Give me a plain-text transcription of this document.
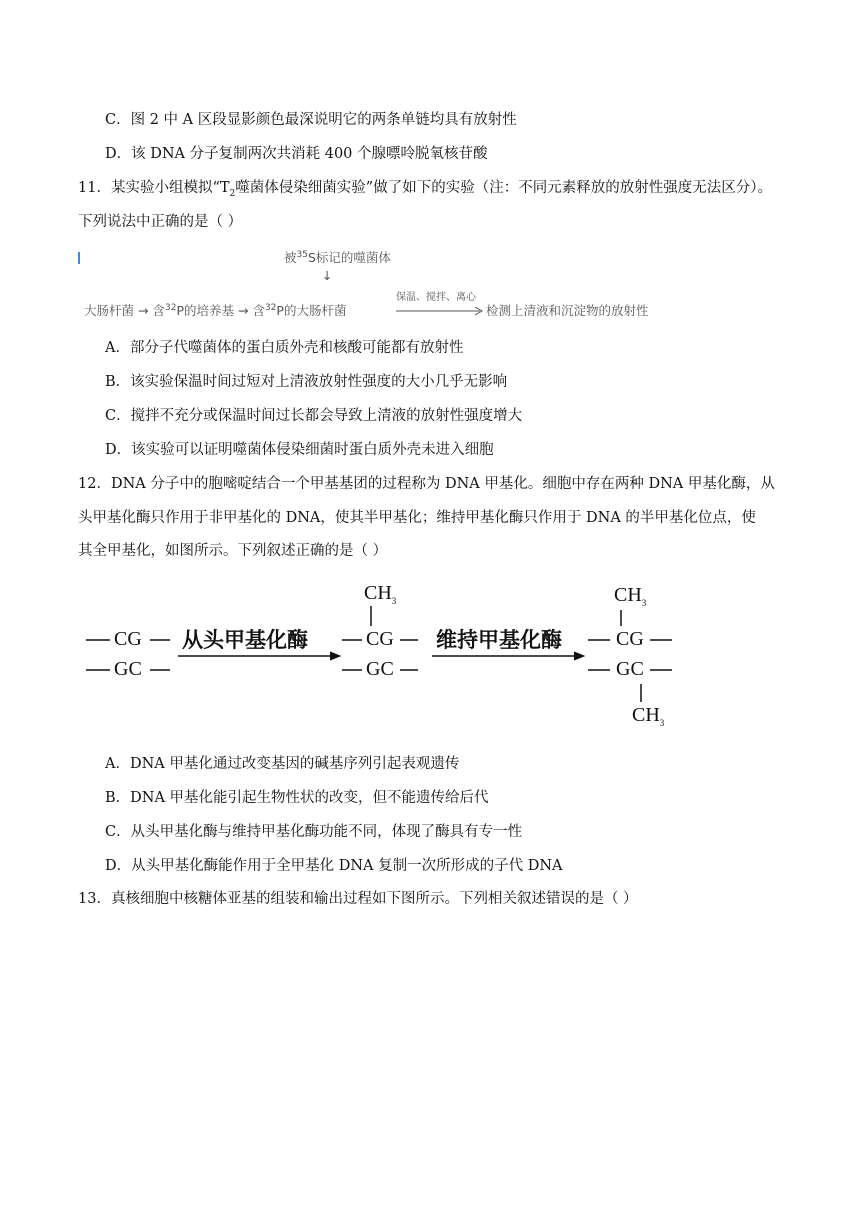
C．图 2 中 A 区段显影颜色最深说明它的两条单链均具有放射性
D．该 DNA 分子复制两次共消耗 400 个腺嘌呤脱氧核苷酸
11．某实验小组模拟“$T_2$噬菌体侵染细菌实验”做了如下的实验（注：不同元素释放的放射性强度无法区分）。
下列说法中正确的是（ ）
被$^{35}$S标记的噬菌体
↓
保温、搅拌、离心
大肠杆菌 → 含$^{32}$P的培养基 → 含$^{32}$P的大肠杆菌	检测上清液和沉淀物的放射性
A．部分子代噬菌体的蛋白质外壳和核酸可能都有放射性
B．该实验保温时间过短对上清液放射性强度的大小几乎无影响
C．搅拌不充分或保温时间过长都会导致上清液的放射性强度增大
D．该实验可以证明噬菌体侵染细菌时蛋白质外壳未进入细胞
12．DNA 分子中的胞嘧啶结合一个甲基基团的过程称为 DNA 甲基化。细胞中存在两种 DNA 甲基化酶，从
头甲基化酶只作用于非甲基化的 DNA，使其半甲基化；维持甲基化酶只作用于 DNA 的半甲基化位点，使
其全甲基化，如图所示。下列叙述正确的是（ ）
CG
GC
从头甲基化酶
$CH_3$
CG
GC
维持甲基化酶
$CH_3$
CG
GC
$CH_3$
A．DNA 甲基化通过改变基因的碱基序列引起表观遗传
B．DNA 甲基化能引起生物性状的改变，但不能遗传给后代
C．从头甲基化酶与维持甲基化酶功能不同，体现了酶具有专一性
D．从头甲基化酶能作用于全甲基化 DNA 复制一次所形成的子代 DNA
13．真核细胞中核糖体亚基的组装和输出过程如下图所示。下列相关叙述错误的是（ ）
